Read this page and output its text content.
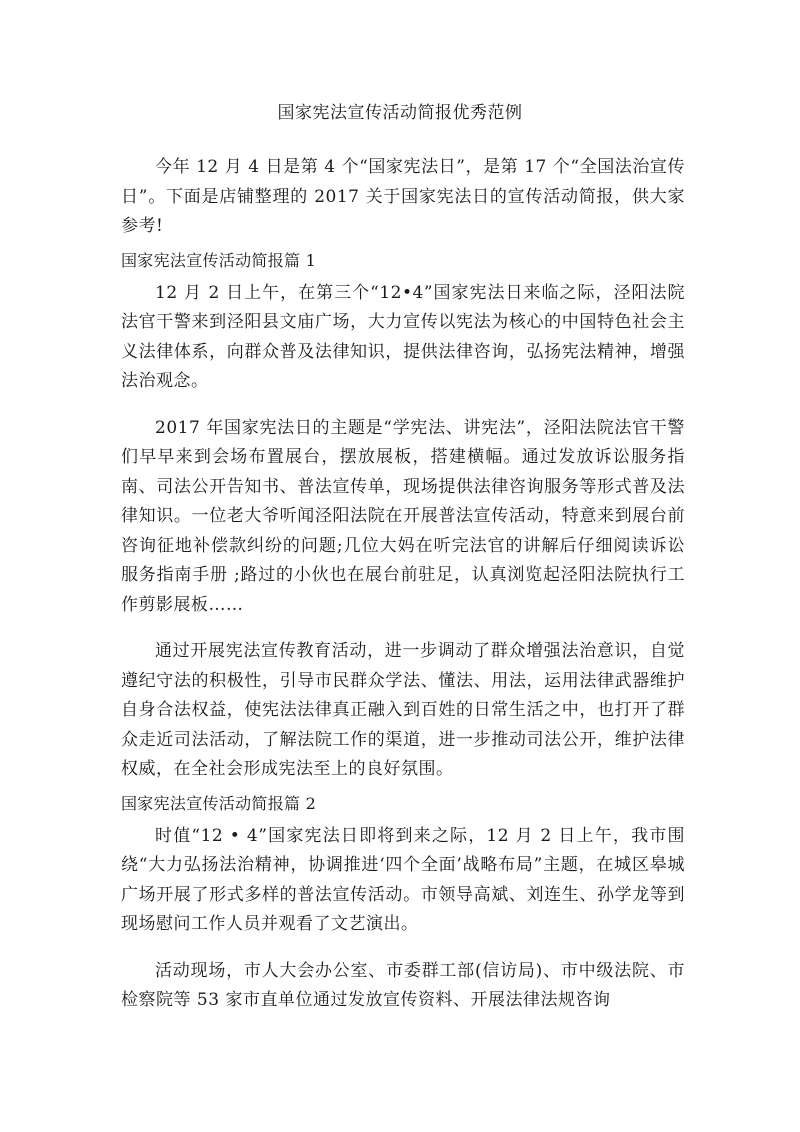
国家宪法宣传活动简报优秀范例

今年 12 月 4 日是第 4 个“国家宪法日”，是第 17 个“全国法治宣传日”。下面是店铺整理的 2017 关于国家宪法日的宣传活动简报，供大家参考!

国家宪法宣传活动简报篇 1

12 月 2 日上午，在第三个“12•4”国家宪法日来临之际，泾阳法院法官干警来到泾阳县文庙广场，大力宣传以宪法为核心的中国特色社会主义法律体系，向群众普及法律知识，提供法律咨询，弘扬宪法精神，增强法治观念。

2017 年国家宪法日的主题是“学宪法、讲宪法”，泾阳法院法官干警们早早来到会场布置展台，摆放展板，搭建横幅。通过发放诉讼服务指南、司法公开告知书、普法宣传单，现场提供法律咨询服务等形式普及法律知识。一位老大爷听闻泾阳法院在开展普法宣传活动，特意来到展台前咨询征地补偿款纠纷的问题;几位大妈在听完法官的讲解后仔细阅读诉讼服务指南手册 ;路过的小伙也在展台前驻足，认真浏览起泾阳法院执行工作剪影展板……

通过开展宪法宣传教育活动，进一步调动了群众增强法治意识，自觉遵纪守法的积极性，引导市民群众学法、懂法、用法，运用法律武器维护自身合法权益，使宪法法律真正融入到百姓的日常生活之中，也打开了群众走近司法活动，了解法院工作的渠道，进一步推动司法公开，维护法律权威，在全社会形成宪法至上的良好氛围。

国家宪法宣传活动简报篇 2

时值“12 • 4”国家宪法日即将到来之际，12 月 2 日上午，我市围绕“大力弘扬法治精神，协调推进‘四个全面’战略布局”主题，在城区皋城广场开展了形式多样的普法宣传活动。市领导高斌、刘连生、孙学龙等到现场慰问工作人员并观看了文艺演出。

活动现场，市人大会办公室、市委群工部(信访局)、市中级法院、市检察院等 53 家市直单位通过发放宣传资料、开展法律法规咨询
